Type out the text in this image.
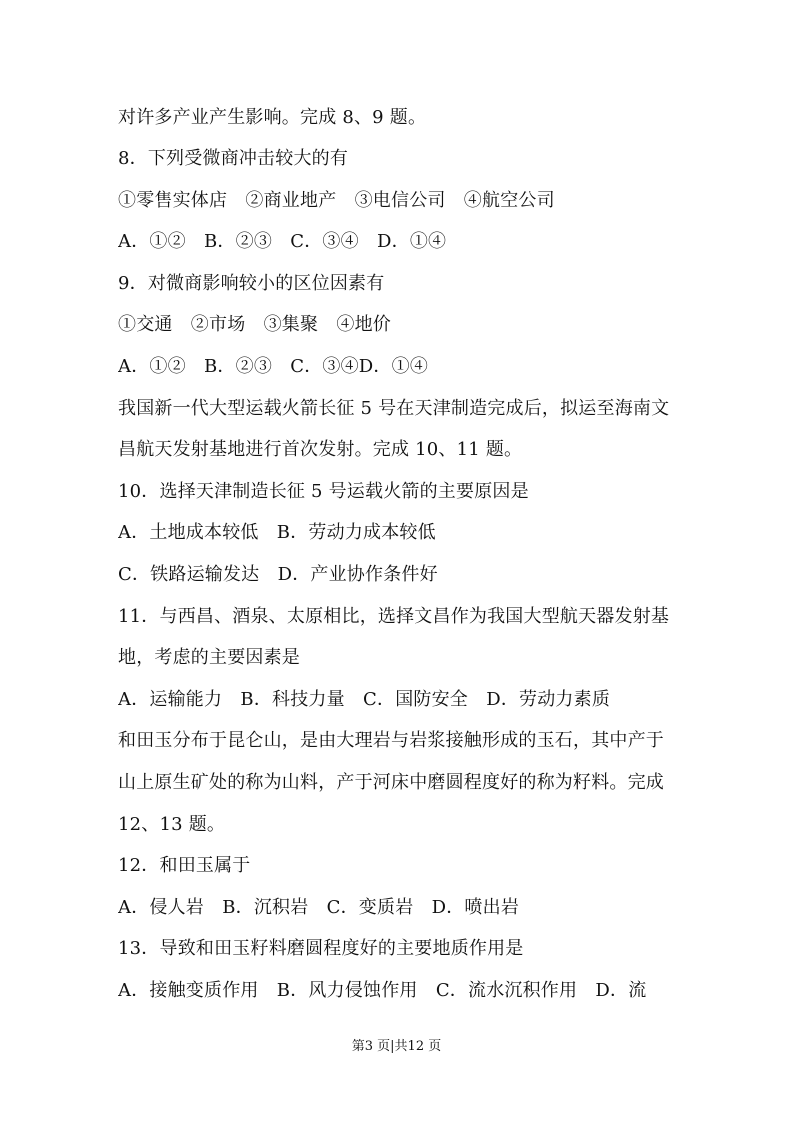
对许多产业产生影响。完成 8、9 题。
8．下列受微商冲击较大的有
①零售实体店　②商业地产　③电信公司　④航空公司
A．①②　B．②③　C．③④　D．①④
9．对微商影响较小的区位因素有
①交通　②市场　③集聚　④地价
A．①②　B．②③　C．③④D．①④
我国新一代大型运载火箭长征 5 号在天津制造完成后，拟运至海南文
昌航天发射基地进行首次发射。完成 10、11 题。
10．选择天津制造长征 5 号运载火箭的主要原因是
A．土地成本较低　B．劳动力成本较低
C．铁路运输发达　D．产业协作条件好
11．与西昌、酒泉、太原相比，选择文昌作为我国大型航天器发射基
地，考虑的主要因素是
A．运输能力　B．科技力量　C．国防安全　D．劳动力素质
和田玉分布于昆仑山，是由大理岩与岩浆接触形成的玉石，其中产于
山上原生矿处的称为山料，产于河床中磨圆程度好的称为籽料。完成
12、13 题。
12．和田玉属于
A．侵人岩　B．沉积岩　C．变质岩　D．喷出岩
13．导致和田玉籽料磨圆程度好的主要地质作用是
A．接触变质作用　B．风力侵蚀作用　C．流水沉积作用　D．流
第3 页|共12 页
